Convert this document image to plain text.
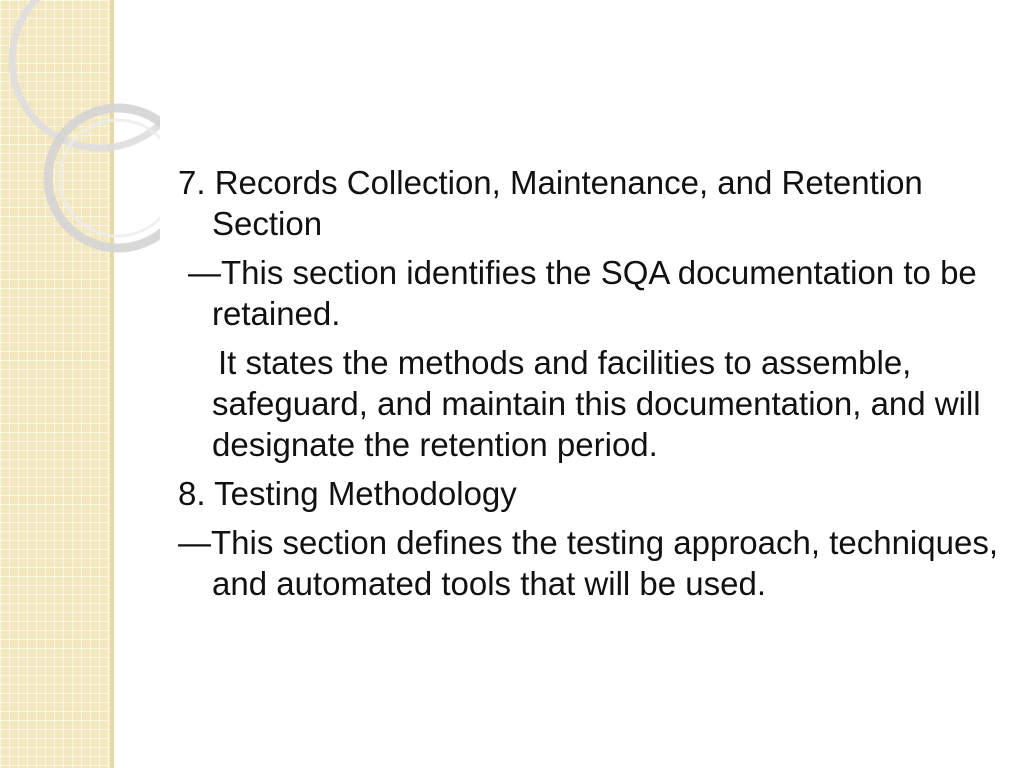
7. Records Collection, Maintenance, and Retention Section

—This section identifies the SQA documentation to be retained.

It states the methods and facilities to assemble, safeguard, and maintain this documentation, and will designate the retention period.

8. Testing Methodology

—This section defines the testing approach, techniques, and automated tools that will be used.
